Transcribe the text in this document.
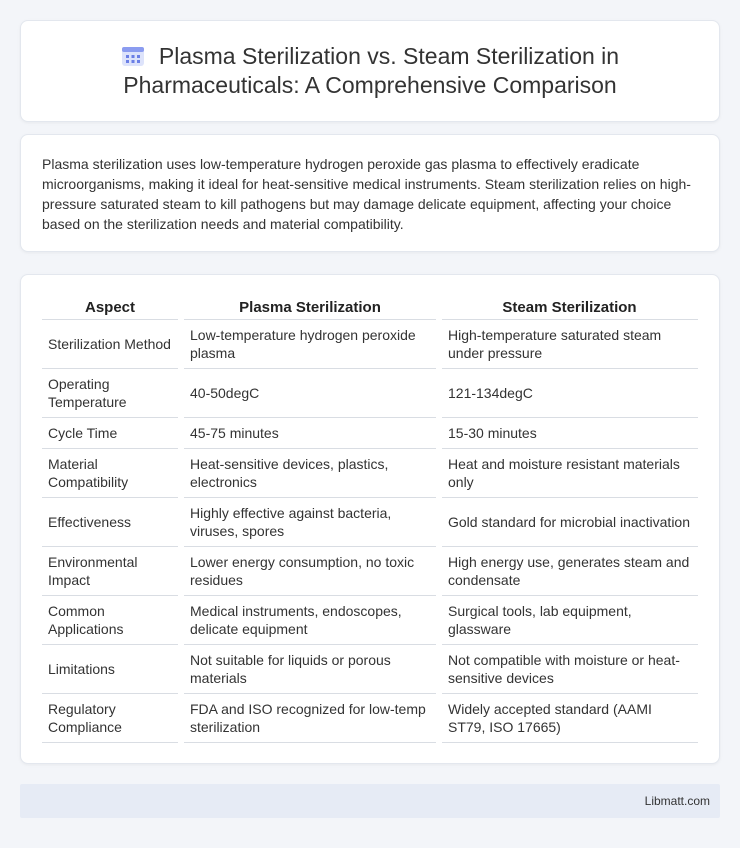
Plasma Sterilization vs. Steam Sterilization in
Pharmaceuticals: A Comprehensive Comparison

Plasma sterilization uses low-temperature hydrogen peroxide gas plasma to effectively eradicate microorganisms, making it ideal for heat-sensitive medical instruments. Steam sterilization relies on high-pressure saturated steam to kill pathogens but may damage delicate equipment, affecting your choice based on the sterilization needs and material compatibility.

Aspect	Plasma Sterilization	Steam Sterilization
Sterilization Method	Low-temperature hydrogen peroxide plasma	High-temperature saturated steam under pressure
Operating Temperature	40-50degC	121-134degC
Cycle Time	45-75 minutes	15-30 minutes
Material Compatibility	Heat-sensitive devices, plastics, electronics	Heat and moisture resistant materials only
Effectiveness	Highly effective against bacteria, viruses, spores	Gold standard for microbial inactivation
Environmental Impact	Lower energy consumption, no toxic residues	High energy use, generates steam and condensate
Common Applications	Medical instruments, endoscopes, delicate equipment	Surgical tools, lab equipment, glassware
Limitations	Not suitable for liquids or porous materials	Not compatible with moisture or heat-sensitive devices
Regulatory Compliance	FDA and ISO recognized for low-temp sterilization	Widely accepted standard (AAMI ST79, ISO 17665)
Libmatt.com
